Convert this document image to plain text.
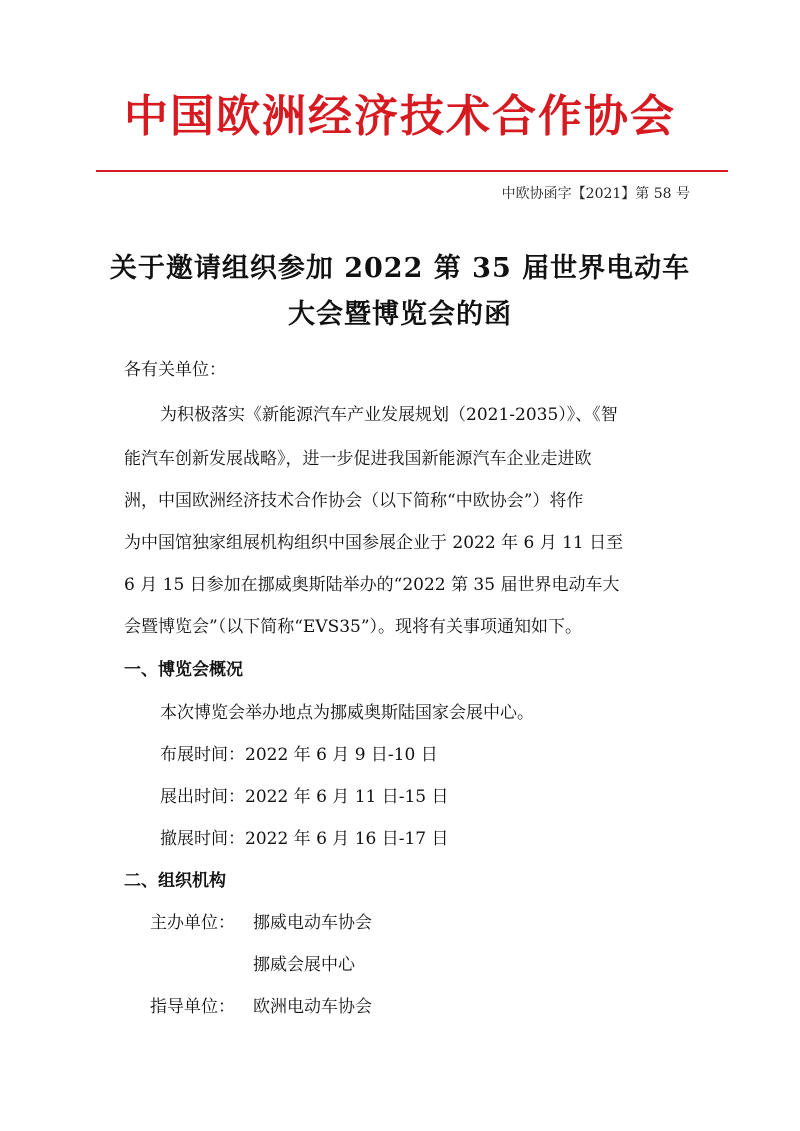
中国欧洲经济技术合作协会
中欧协函字【2021】第 58 号
关于邀请组织参加 2022 第 35 届世界电动车
大会暨博览会的函
各有关单位：
为积极落实《新能源汽车产业发展规划（2021-2035）》、《智
能汽车创新发展战略》，进一步促进我国新能源汽车企业走进欧
洲，中国欧洲经济技术合作协会（以下简称“中欧协会”）将作
为中国馆独家组展机构组织中国参展企业于 2022 年 6 月 11 日至
6 月 15 日参加在挪威奥斯陆举办的“2022 第 35 届世界电动车大
会暨博览会”（以下简称“EVS35”）。现将有关事项通知如下。
一、博览会概况
本次博览会举办地点为挪威奥斯陆国家会展中心。
布展时间：2022 年 6 月 9 日-10 日
展出时间：2022 年 6 月 11 日-15 日
撤展时间：2022 年 6 月 16 日-17 日
二、组织机构
主办单位： 挪威电动车协会
挪威会展中心
指导单位： 欧洲电动车协会
